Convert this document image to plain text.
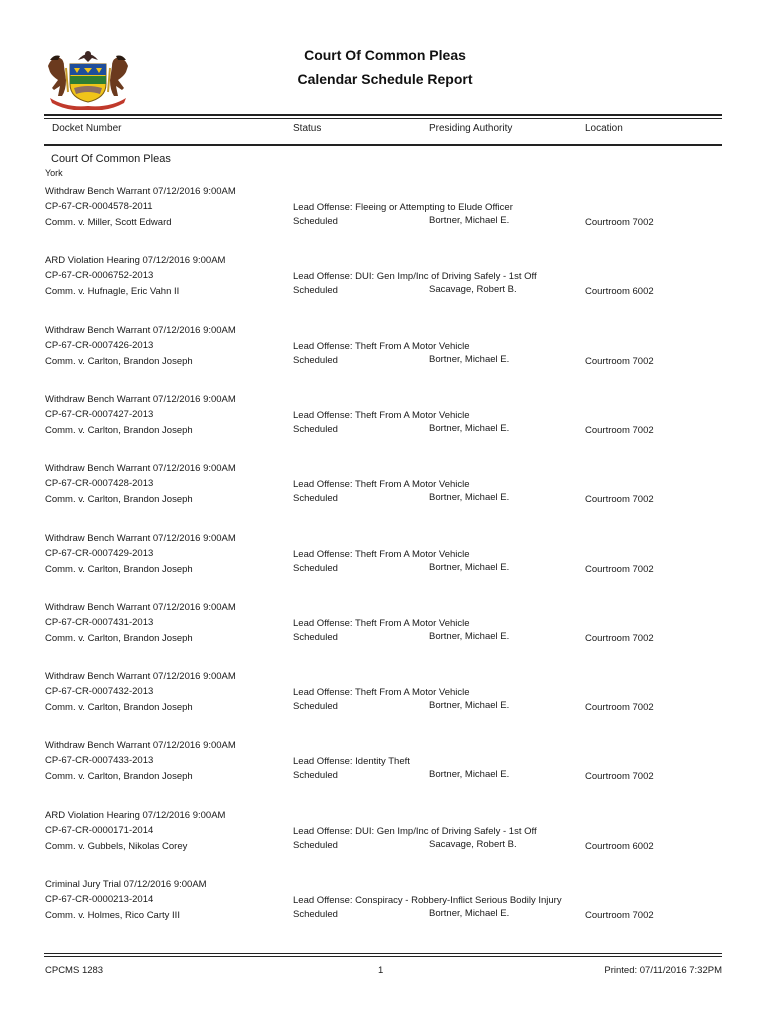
Court Of Common Pleas
Calendar Schedule Report
Docket Number	Status	Presiding Authority	Location
Court Of Common Pleas
York
Withdraw Bench Warrant 07/12/2016 9:00AM
CP-67-CR-0004578-2011
Comm. v. Miller, Scott Edward
Lead Offense: Fleeing or Attempting to Elude Officer
Scheduled	Bortner, Michael E.	Courtroom 7002
ARD Violation Hearing 07/12/2016 9:00AM
CP-67-CR-0006752-2013
Comm. v. Hufnagle, Eric Vahn II
Lead Offense: DUI: Gen Imp/Inc of Driving Safely - 1st Off
Scheduled	Sacavage, Robert B.	Courtroom 6002
Withdraw Bench Warrant 07/12/2016 9:00AM
CP-67-CR-0007426-2013
Comm. v. Carlton, Brandon Joseph
Lead Offense: Theft From A Motor Vehicle
Scheduled	Bortner, Michael E.	Courtroom 7002
Withdraw Bench Warrant 07/12/2016 9:00AM
CP-67-CR-0007427-2013
Comm. v. Carlton, Brandon Joseph
Lead Offense: Theft From A Motor Vehicle
Scheduled	Bortner, Michael E.	Courtroom 7002
Withdraw Bench Warrant 07/12/2016 9:00AM
CP-67-CR-0007428-2013
Comm. v. Carlton, Brandon Joseph
Lead Offense: Theft From A Motor Vehicle
Scheduled	Bortner, Michael E.	Courtroom 7002
Withdraw Bench Warrant 07/12/2016 9:00AM
CP-67-CR-0007429-2013
Comm. v. Carlton, Brandon Joseph
Lead Offense: Theft From A Motor Vehicle
Scheduled	Bortner, Michael E.	Courtroom 7002
Withdraw Bench Warrant 07/12/2016 9:00AM
CP-67-CR-0007431-2013
Comm. v. Carlton, Brandon Joseph
Lead Offense: Theft From A Motor Vehicle
Scheduled	Bortner, Michael E.	Courtroom 7002
Withdraw Bench Warrant 07/12/2016 9:00AM
CP-67-CR-0007432-2013
Comm. v. Carlton, Brandon Joseph
Lead Offense: Theft From A Motor Vehicle
Scheduled	Bortner, Michael E.	Courtroom 7002
Withdraw Bench Warrant 07/12/2016 9:00AM
CP-67-CR-0007433-2013
Comm. v. Carlton, Brandon Joseph
Lead Offense: Identity Theft
Scheduled	Bortner, Michael E.	Courtroom 7002
ARD Violation Hearing 07/12/2016 9:00AM
CP-67-CR-0000171-2014
Comm. v. Gubbels, Nikolas Corey
Lead Offense: DUI: Gen Imp/Inc of Driving Safely - 1st Off
Scheduled	Sacavage, Robert B.	Courtroom 6002
Criminal Jury Trial 07/12/2016 9:00AM
CP-67-CR-0000213-2014
Comm. v. Holmes, Rico Carty III
Lead Offense: Conspiracy - Robbery-Inflict Serious Bodily Injury
Scheduled	Bortner, Michael E.	Courtroom 7002
CPCMS 1283	1	Printed: 07/11/2016 7:32PM
